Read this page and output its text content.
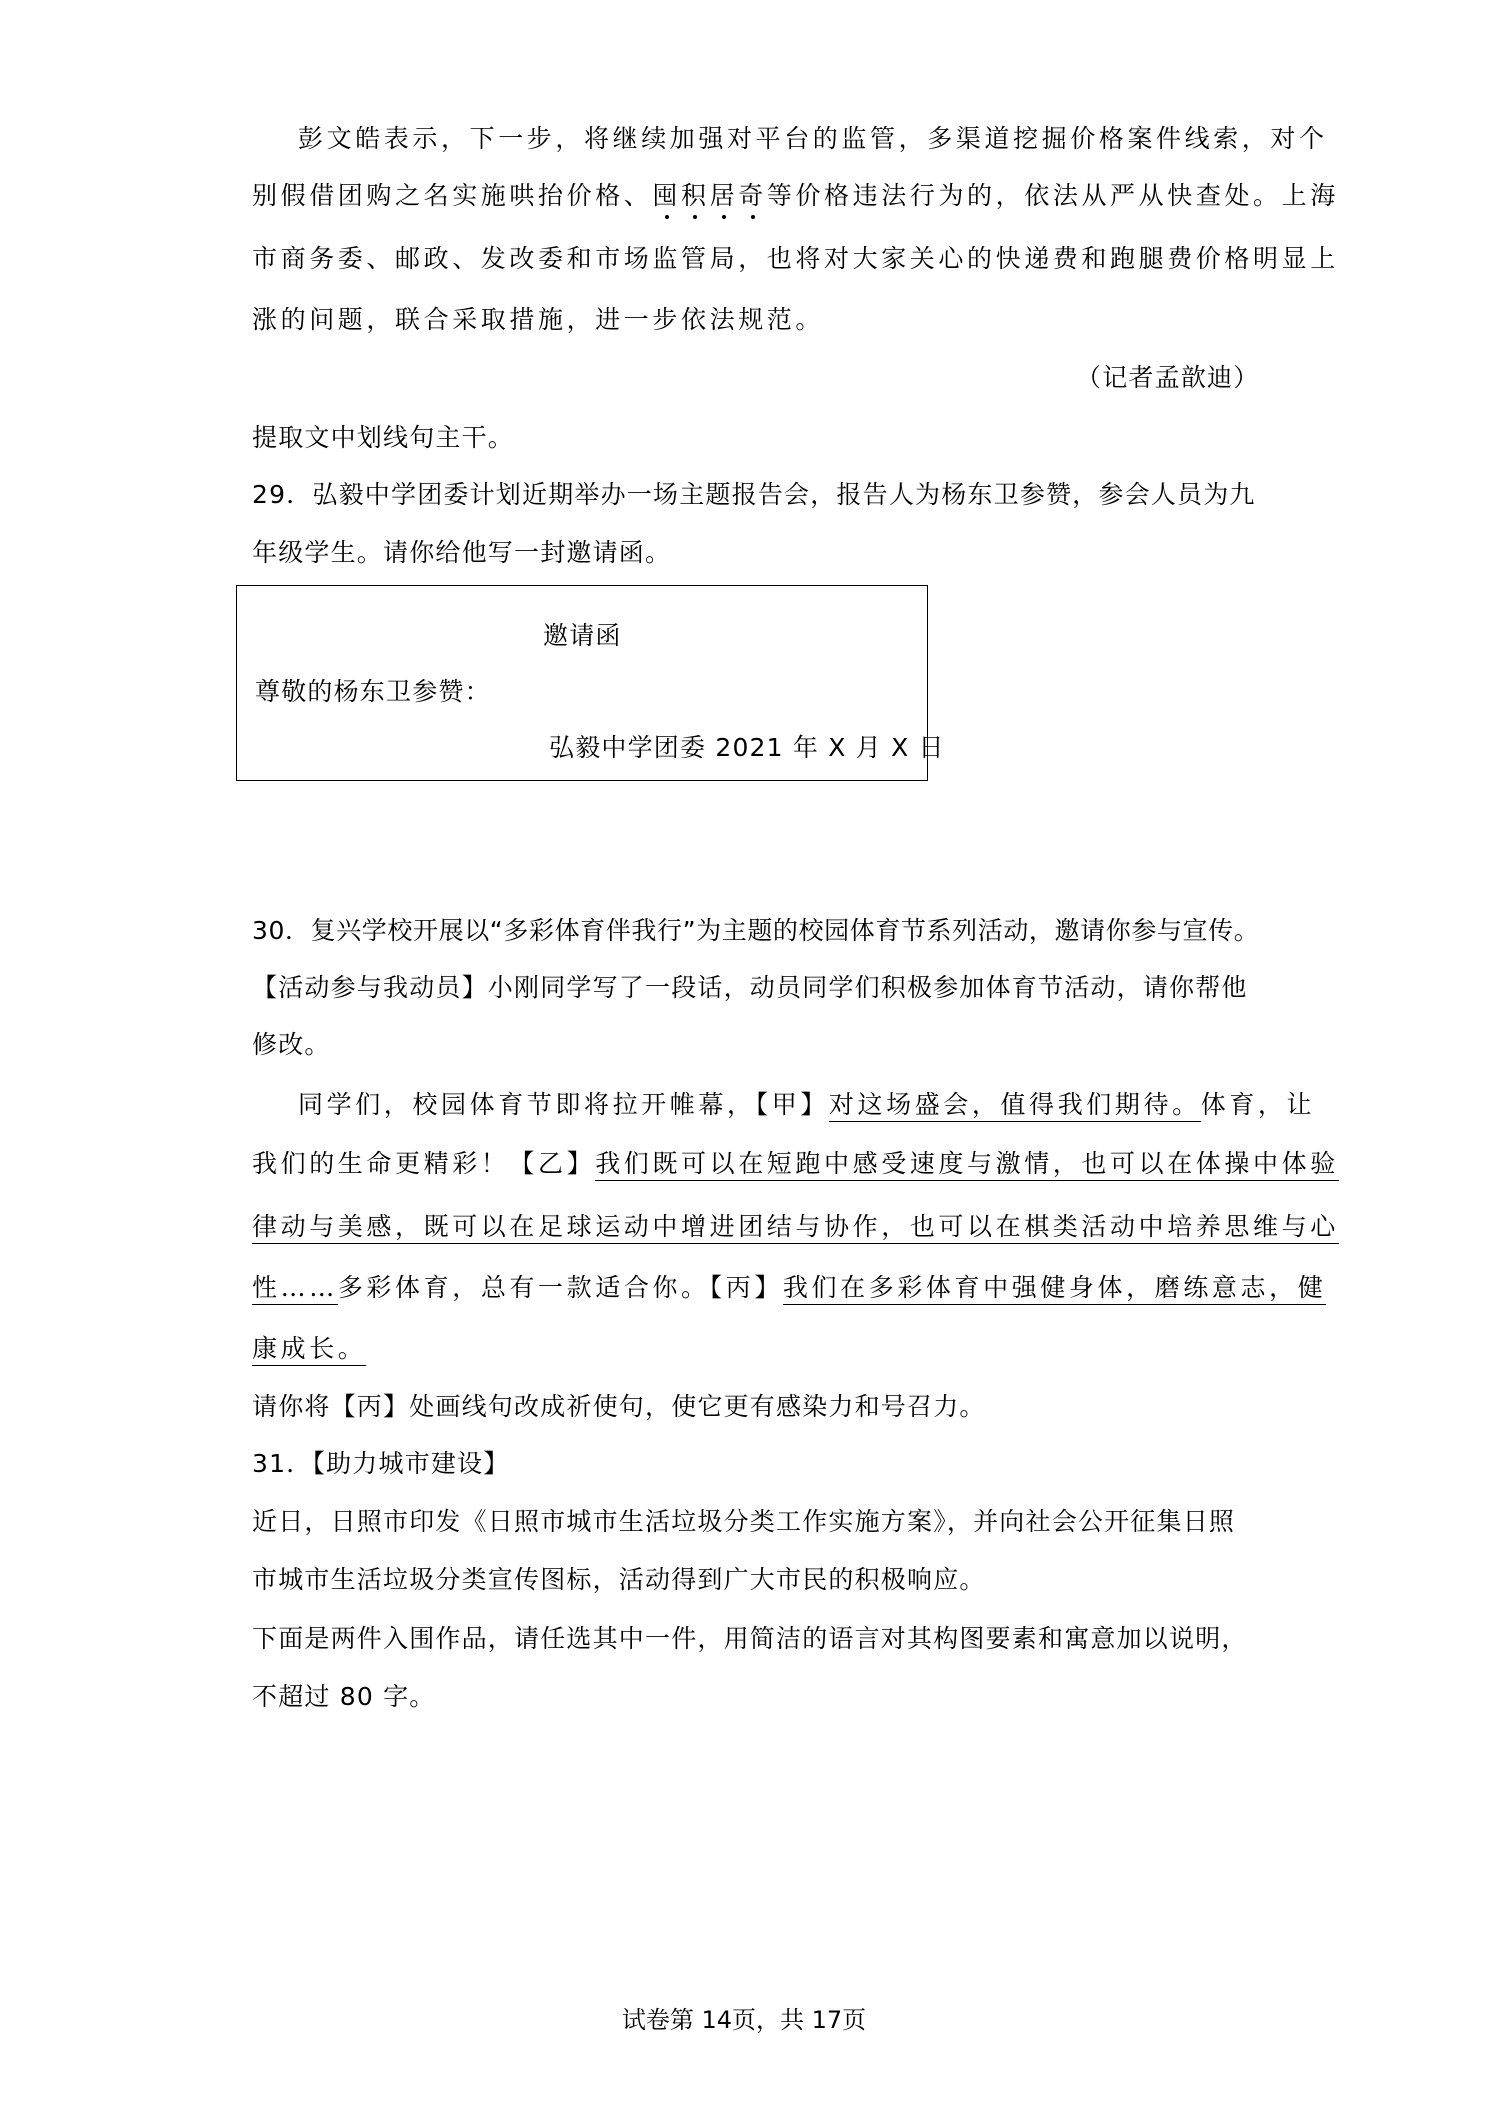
彭文皓表示，下一步，将继续加强对平台的监管，多渠道挖掘价格案件线索，对个
别假借团购之名实施哄抬价格、囤积居奇等价格违法行为的，依法从严从快查处。上海
市商务委、邮政、发改委和市场监管局，也将对大家关心的快递费和跑腿费价格明显上
涨的问题，联合采取措施，进一步依法规范。
（记者孟歆迪）
提取文中划线句主干。
29．弘毅中学团委计划近期举办一场主题报告会，报告人为杨东卫参赞，参会人员为九
年级学生。请你给他写一封邀请函。
邀请函
尊敬的杨东卫参赞：
弘毅中学团委 2021 年 X 月 X 日
30．复兴学校开展以“多彩体育伴我行”为主题的校园体育节系列活动，邀请你参与宣传。
【活动参与我动员】小刚同学写了一段话，动员同学们积极参加体育节活动，请你帮他
修改。
同学们，校园体育节即将拉开帷幕，【甲】对这场盛会，值得我们期待。体育，让
我们的生命更精彩！【乙】我们既可以在短跑中感受速度与激情，也可以在体操中体验
律动与美感，既可以在足球运动中增进团结与协作，也可以在棋类活动中培养思维与心
性……多彩体育，总有一款适合你。【丙】我们在多彩体育中强健身体，磨练意志，健
康成长。
请你将【丙】处画线句改成祈使句，使它更有感染力和号召力。
31．【助力城市建设】
近日，日照市印发《日照市城市生活垃圾分类工作实施方案》，并向社会公开征集日照
市城市生活垃圾分类宣传图标，活动得到广大市民的积极响应。
下面是两件入围作品，请任选其中一件，用简洁的语言对其构图要素和寓意加以说明，
不超过 80 字。
试卷第 14页，共 17页
